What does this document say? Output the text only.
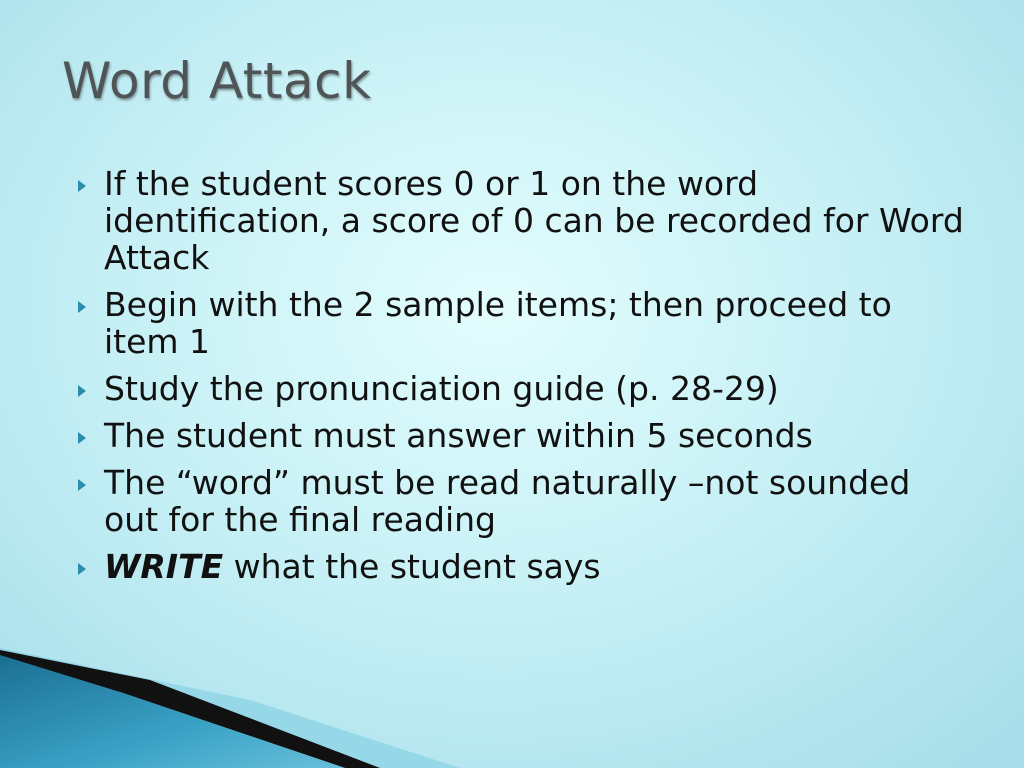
Word Attack
If the student scores 0 or 1 on the word identification, a score of 0 can be recorded for Word Attack
Begin with the 2 sample items; then proceed to item 1
Study the pronunciation guide (p. 28-29)
The student must answer within 5 seconds
The “word” must be read naturally –not sounded out for the final reading
WRITE what the student says
